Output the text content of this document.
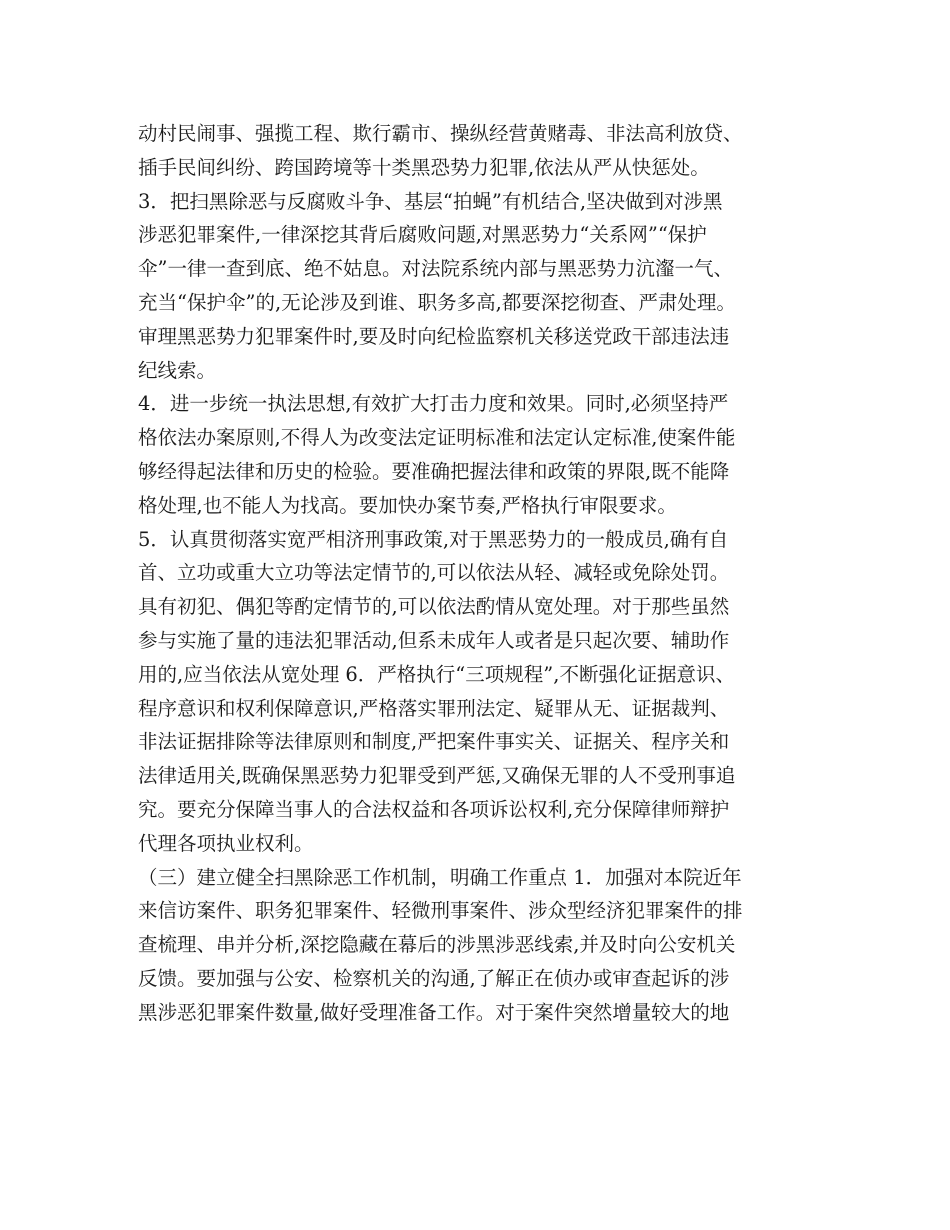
动村民闹事、强揽工程、欺行霸市、操纵经营黄赌毒、非法高利放贷、
插手民间纠纷、跨国跨境等十类黑恐势力犯罪,依法从严从快惩处。
3．把扫黑除恶与反腐败斗争、基层“拍蝇”有机结合,坚决做到对涉黑
涉恶犯罪案件,一律深挖其背后腐败问题,对黑恶势力“关系网”“保护
伞”一律一查到底、绝不姑息。对法院系统内部与黑恶势力沆瀣一气、
充当“保护伞”的,无论涉及到谁、职务多高,都要深挖彻查、严肃处理。
审理黑恶势力犯罪案件时,要及时向纪检监察机关移送党政干部违法违
纪线索。
4．进一步统一执法思想,有效扩大打击力度和效果。同时,必须坚持严
格依法办案原则,不得人为改变法定证明标准和法定认定标准,使案件能
够经得起法律和历史的检验。要准确把握法律和政策的界限,既不能降
格处理,也不能人为找高。要加快办案节奏,严格执行审限要求。
5．认真贯彻落实宽严相济刑事政策,对于黑恶势力的一般成员,确有自
首、立功或重大立功等法定情节的,可以依法从轻、减轻或免除处罚。
具有初犯、偶犯等酌定情节的,可以依法酌情从宽处理。对于那些虽然
参与实施了量的违法犯罪活动,但系未成年人或者是只起次要、辅助作
用的,应当依法从宽处理 6．严格执行“三项规程”,不断强化证据意识、
程序意识和权利保障意识,严格落实罪刑法定、疑罪从无、证据裁判、
非法证据排除等法律原则和制度,严把案件事实关、证据关、程序关和
法律适用关,既确保黑恶势力犯罪受到严惩,又确保无罪的人不受刑事追
究。要充分保障当事人的合法权益和各项诉讼权利,充分保障律师辩护
代理各项执业权利。
（三）建立健全扫黑除恶工作机制，明确工作重点 1．加强对本院近年
来信访案件、职务犯罪案件、轻微刑事案件、涉众型经济犯罪案件的排
查梳理、串并分析,深挖隐藏在幕后的涉黑涉恶线索,并及时向公安机关
反馈。要加强与公安、检察机关的沟通,了解正在侦办或审查起诉的涉
黑涉恶犯罪案件数量,做好受理准备工作。对于案件突然增量较大的地
